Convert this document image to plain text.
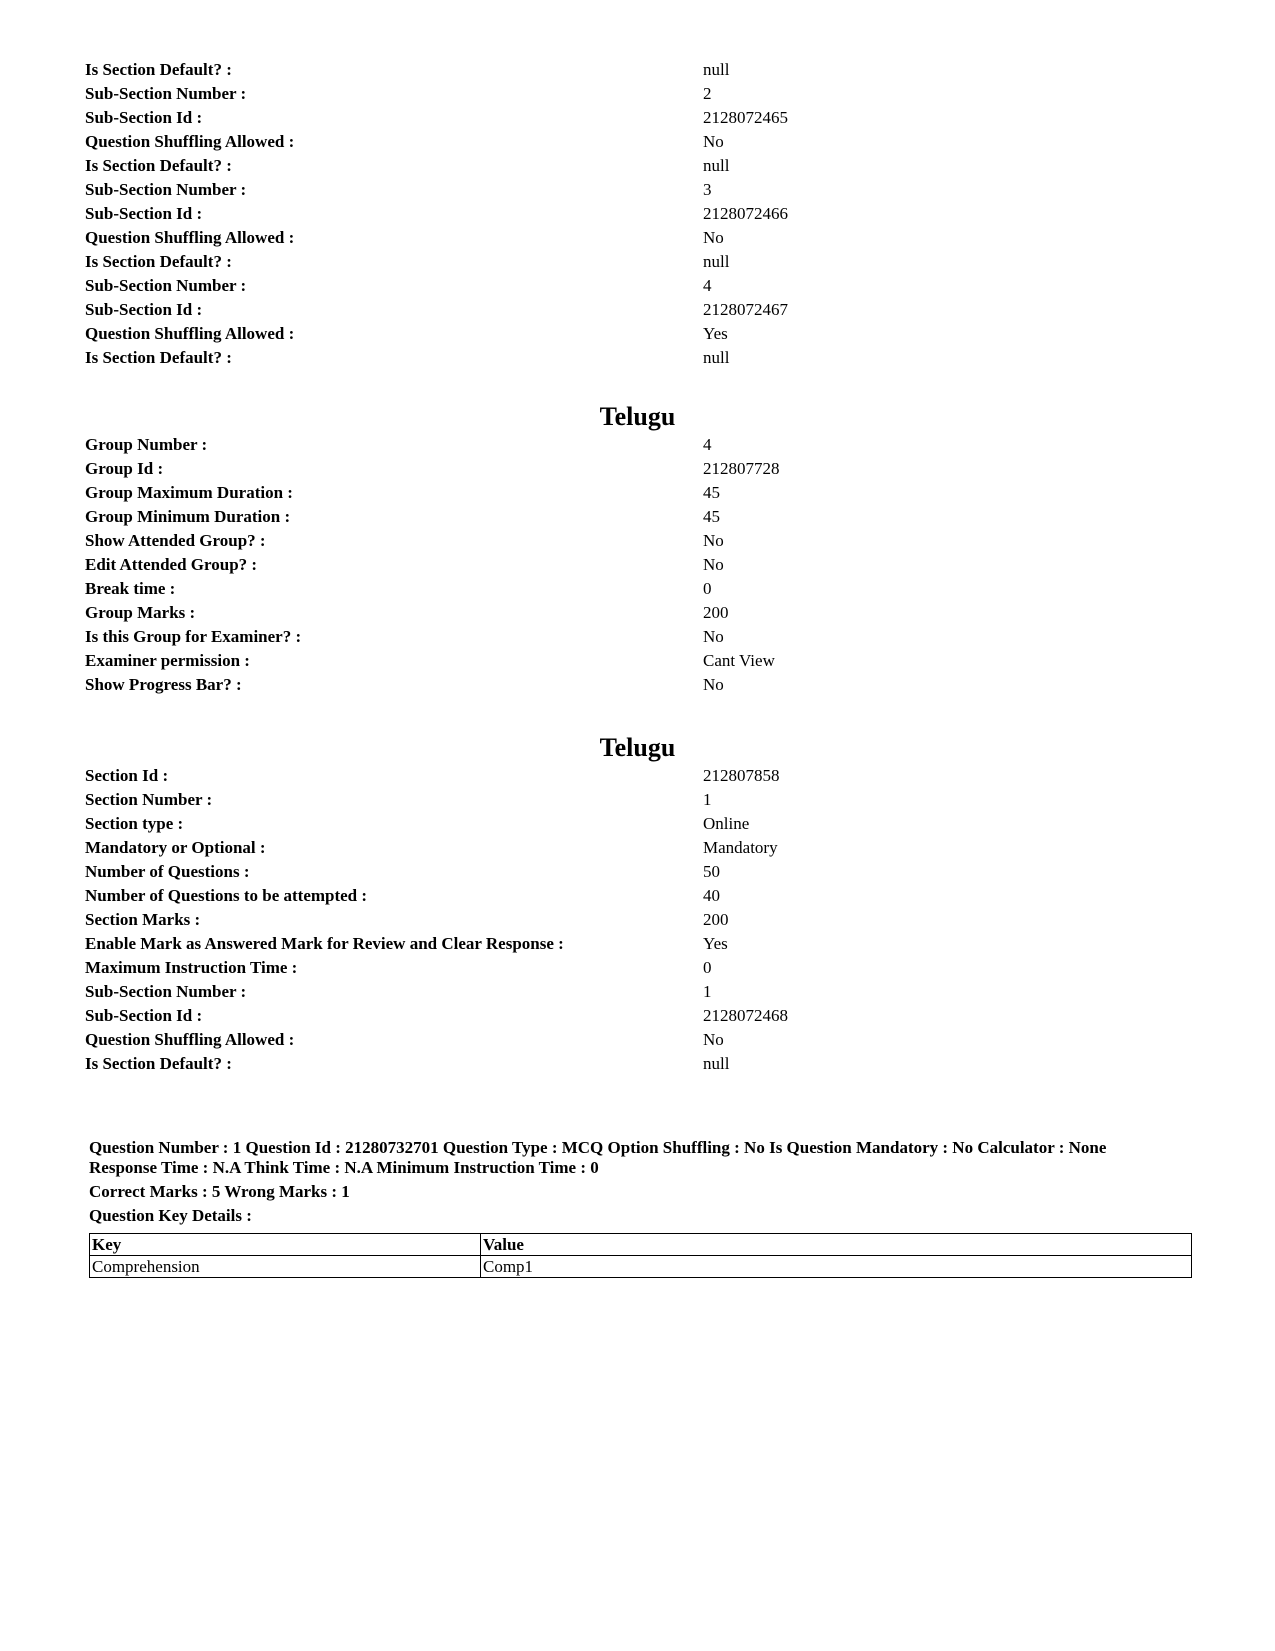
Is Section Default? :	null
Sub-Section Number :	2
Sub-Section Id :	2128072465
Question Shuffling Allowed :	No
Is Section Default? :	null
Sub-Section Number :	3
Sub-Section Id :	2128072466
Question Shuffling Allowed :	No
Is Section Default? :	null
Sub-Section Number :	4
Sub-Section Id :	2128072467
Question Shuffling Allowed :	Yes
Is Section Default? :	null
Telugu
Group Number :	4
Group Id :	212807728
Group Maximum Duration :	45
Group Minimum Duration :	45
Show Attended Group? :	No
Edit Attended Group? :	No
Break time :	0
Group Marks :	200
Is this Group for Examiner? :	No
Examiner permission :	Cant View
Show Progress Bar? :	No
Telugu
Section Id :	212807858
Section Number :	1
Section type :	Online
Mandatory or Optional :	Mandatory
Number of Questions :	50
Number of Questions to be attempted :	40
Section Marks :	200
Enable Mark as Answered Mark for Review and Clear Response :	Yes
Maximum Instruction Time :	0
Sub-Section Number :	1
Sub-Section Id :	2128072468
Question Shuffling Allowed :	No
Is Section Default? :	null
Question Number : 1 Question Id : 21280732701 Question Type : MCQ Option Shuffling : No Is Question Mandatory : No Calculator : None
Response Time : N.A Think Time : N.A Minimum Instruction Time : 0
Correct Marks : 5 Wrong Marks : 1
Question Key Details :
Key	Value
Comprehension	Comp1
